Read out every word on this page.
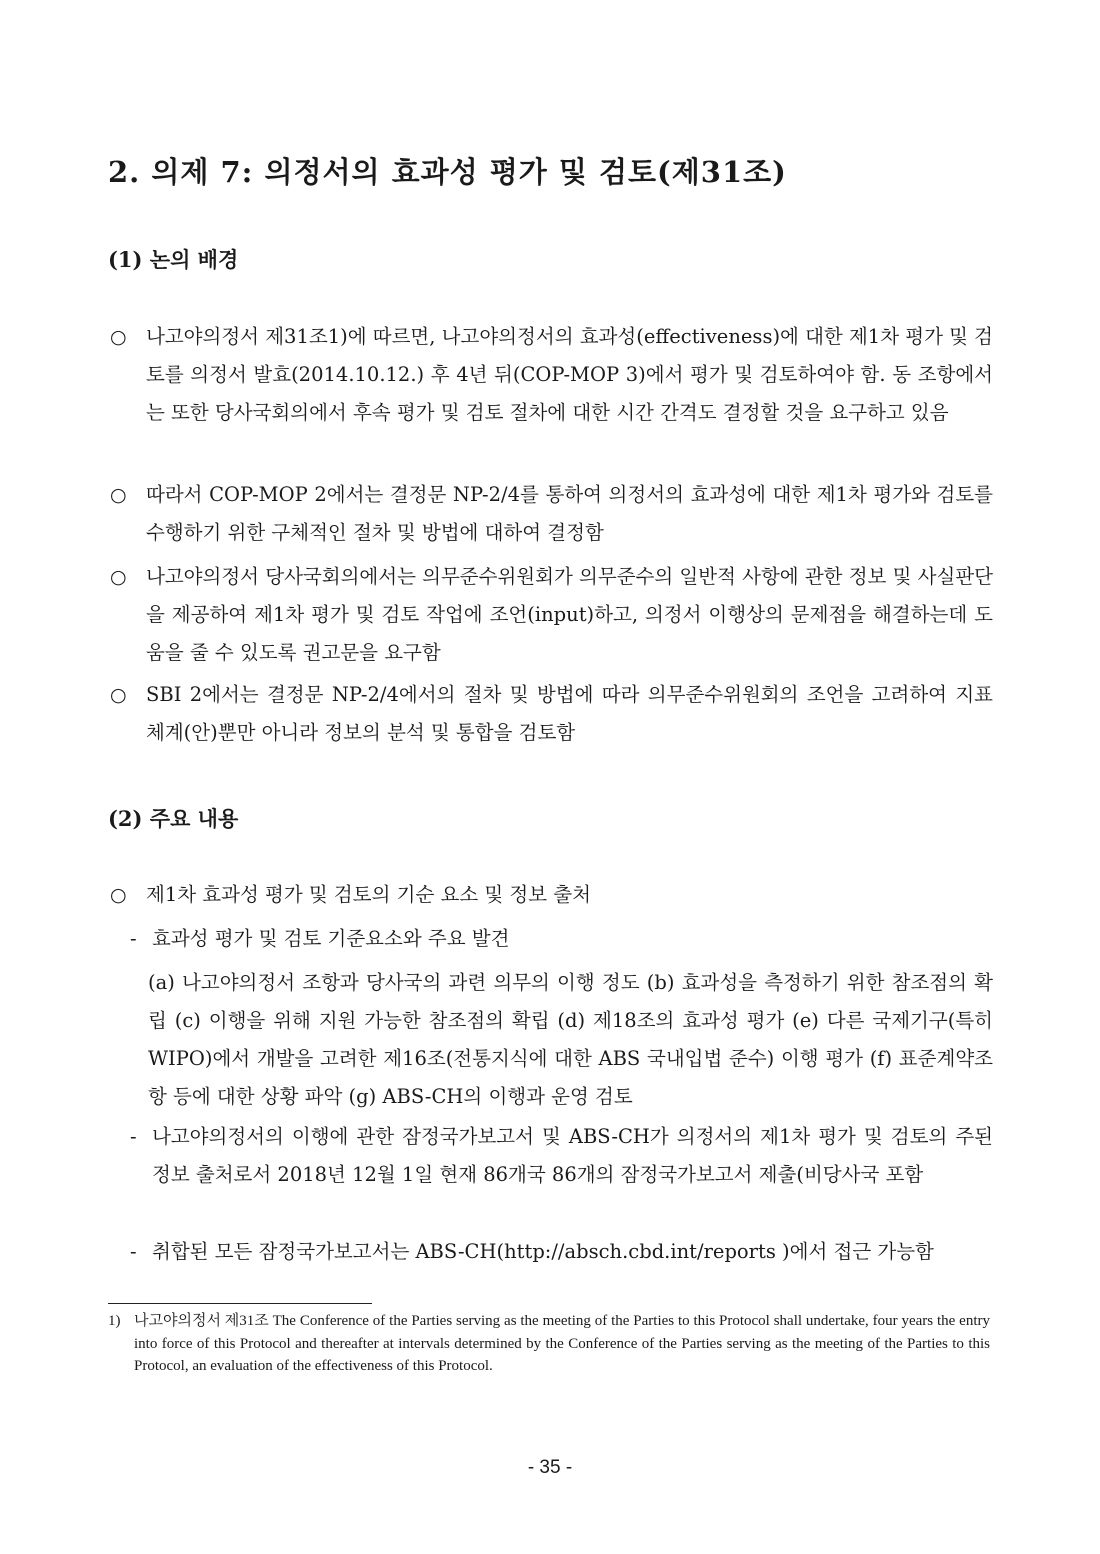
2. 의제 7: 의정서의 효과성 평가 및 검토(제31조)
(1) 논의 배경
○ 나고야의정서 제31조1)에 따르면, 나고야의정서의 효과성(effectiveness)에 대한 제1차 평가 및 검토를 의정서 발효(2014.10.12.) 후 4년 뒤(COP-MOP 3)에서 평가 및 검토하여야 함. 동 조항에서는 또한 당사국회의에서 후속 평가 및 검토 절차에 대한 시간 간격도 결정할 것을 요구하고 있음
○ 따라서 COP-MOP 2에서는 결정문 NP-2/4를 통하여 의정서의 효과성에 대한 제1차 평가와 검토를 수행하기 위한 구체적인 절차 및 방법에 대하여 결정함
○ 나고야의정서 당사국회의에서는 의무준수위원회가 의무준수의 일반적 사항에 관한 정보 및 사실판단을 제공하여 제1차 평가 및 검토 작업에 조언(input)하고, 의정서 이행상의 문제점을 해결하는데 도움을 줄 수 있도록 권고문을 요구함
○ SBI 2에서는 결정문 NP-2/4에서의 절차 및 방법에 따라 의무준수위원회의 조언을 고려하여 지표 체계(안)뿐만 아니라 정보의 분석 및 통합을 검토함
(2) 주요 내용
○ 제1차 효과성 평가 및 검토의 기순 요소 및 정보 출처
- 효과성 평가 및 검토 기준요소와 주요 발견
(a) 나고야의정서 조항과 당사국의 과련 의무의 이행 정도 (b) 효과성을 측정하기 위한 참조점의 확립 (c) 이행을 위해 지원 가능한 참조점의 확립 (d) 제18조의 효과성 평가 (e) 다른 국제기구(특히 WIPO)에서 개발을 고려한 제16조(전통지식에 대한 ABS 국내입법 준수) 이행 평가 (f) 표준계약조항 등에 대한 상황 파악 (g) ABS-CH의 이행과 운영 검토
- 나고야의정서의 이행에 관한 잠정국가보고서 및 ABS-CH가 의정서의 제1차 평가 및 검토의 주된 정보 출처로서 2018년 12월 1일 현재 86개국 86개의 잠정국가보고서 제출(비당사국 포함
- 취합된 모든 잠정국가보고서는 ABS-CH(http://absch.cbd.int/reports )에서 접근 가능함
1) 나고야의정서 제31조 The Conference of the Parties serving as the meeting of the Parties to this Protocol shall undertake, four years the entry into force of this Protocol and thereafter at intervals determined by the Conference of the Parties serving as the meeting of the Parties to this Protocol, an evaluation of the effectiveness of this Protocol.
- 35 -
